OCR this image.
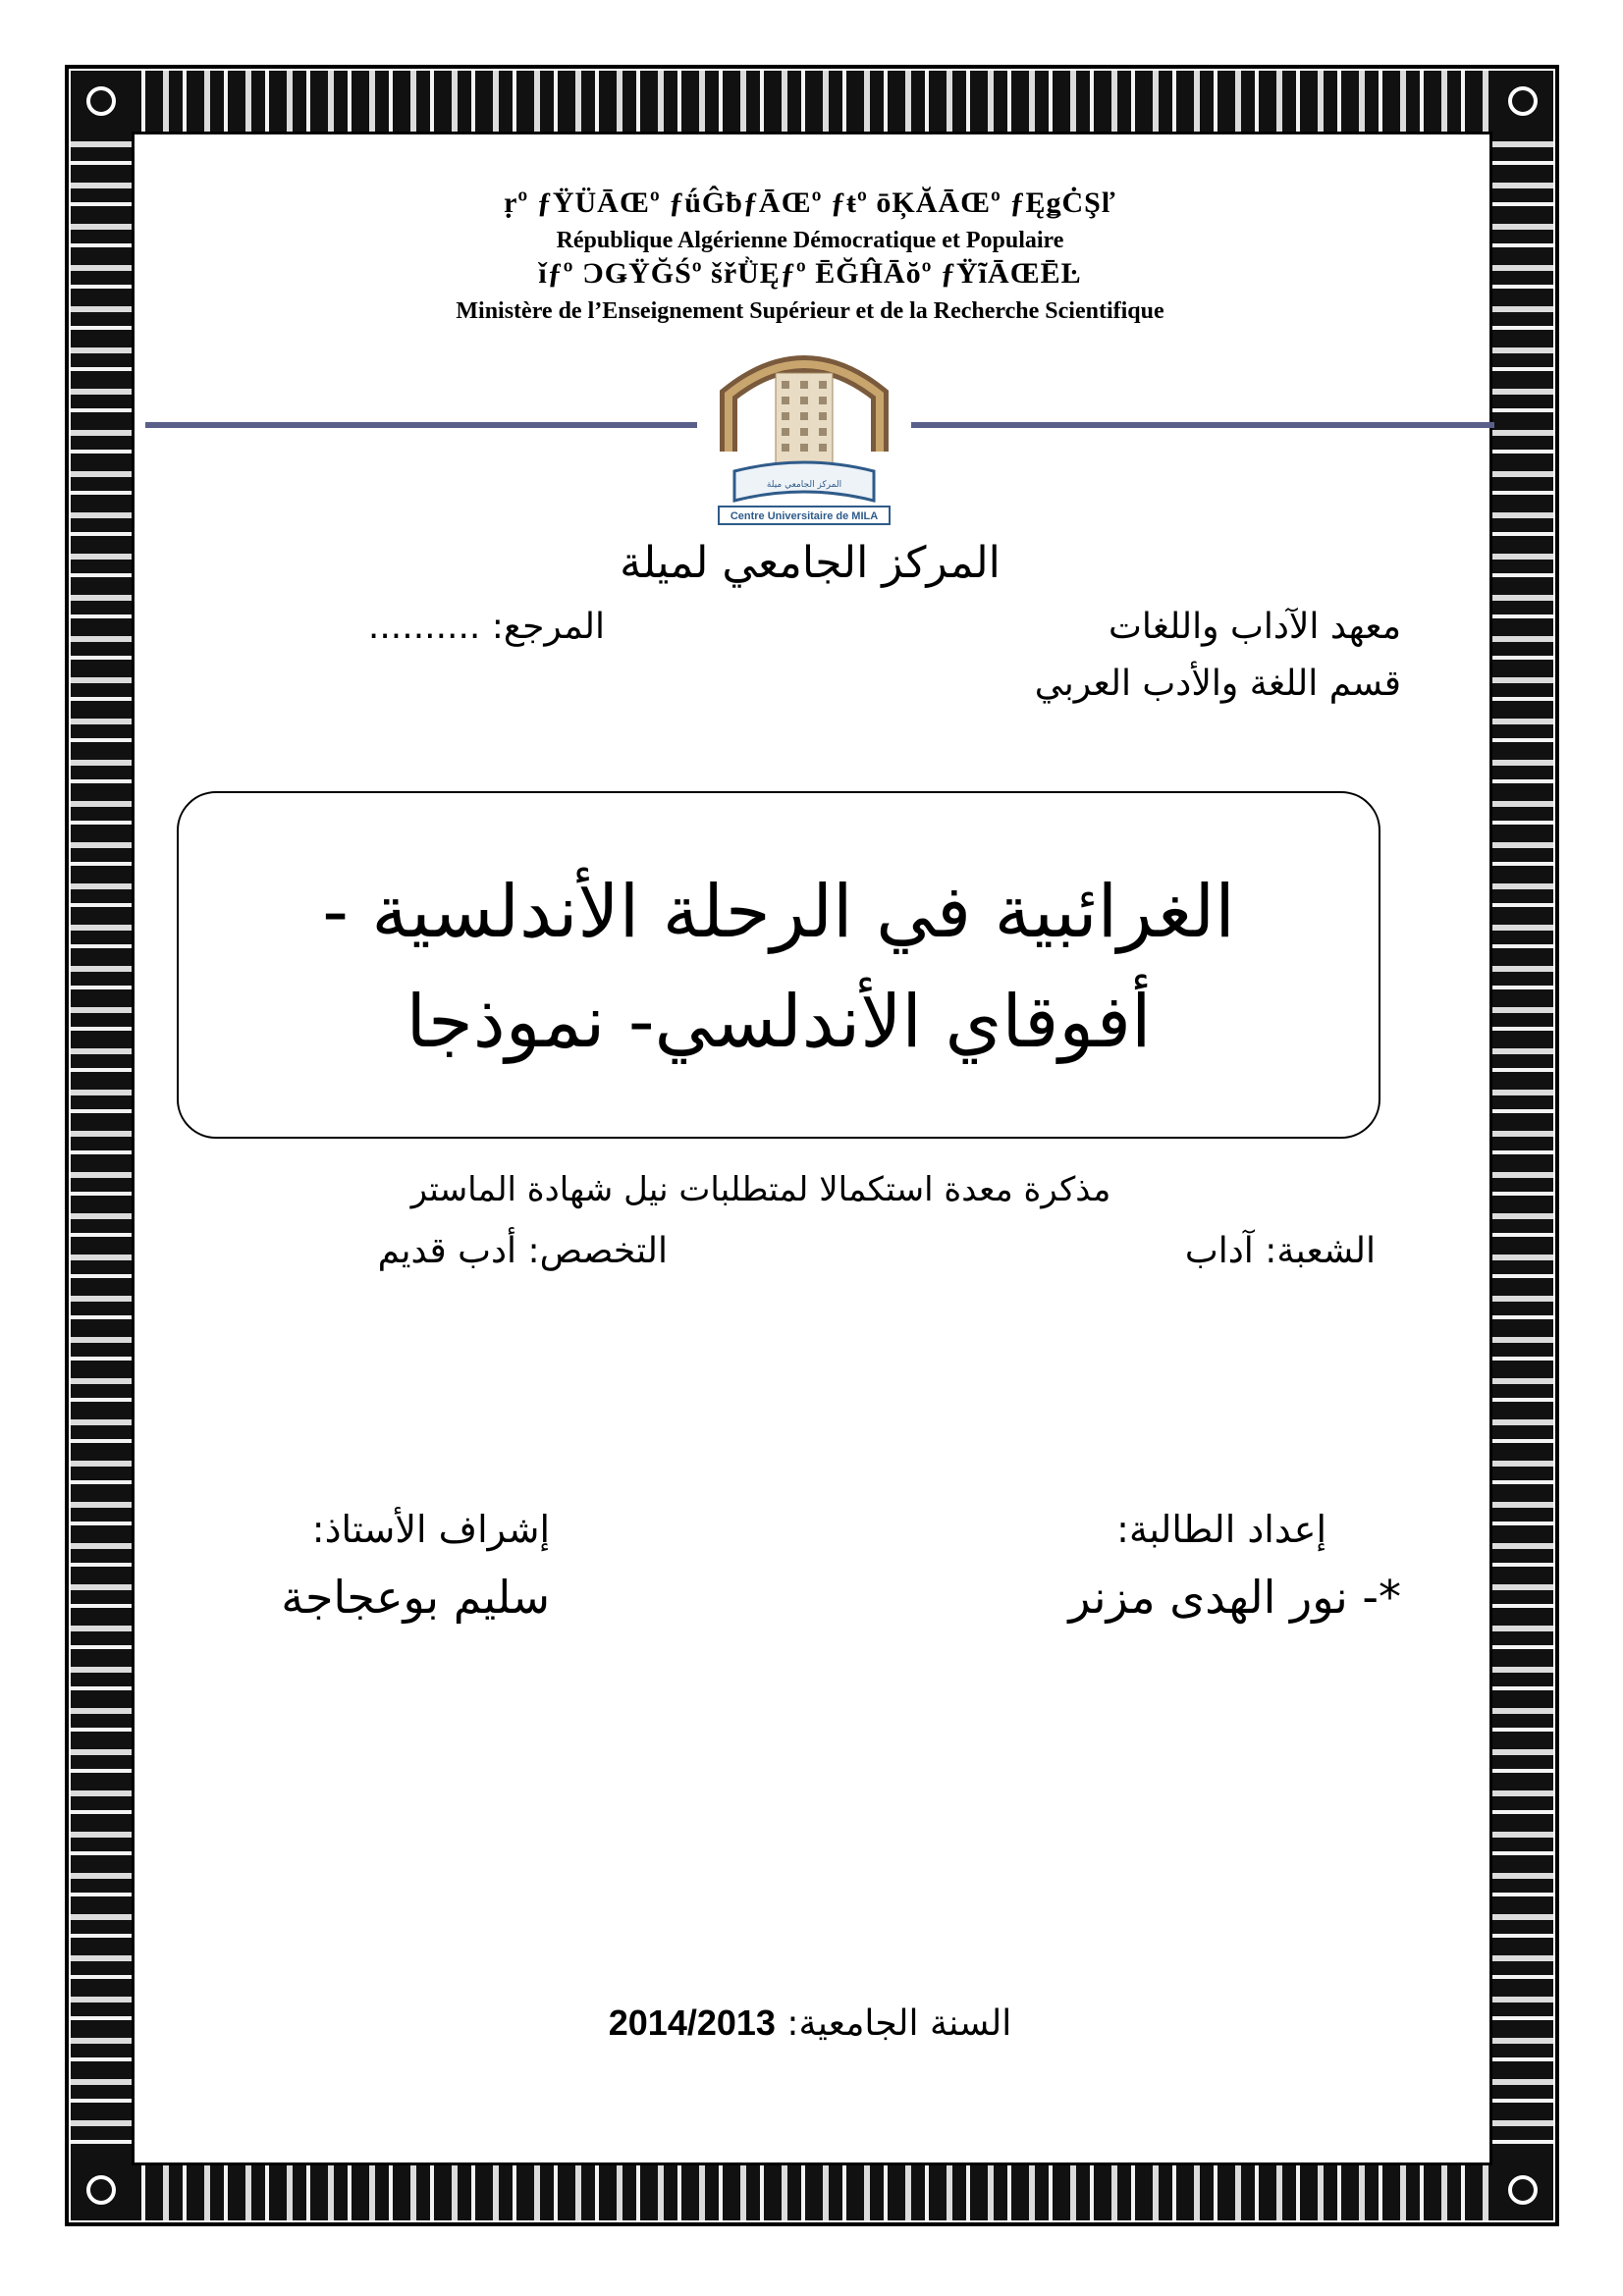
ṛº ƒŸÜĀŒº ƒǘĜƀƒĀŒº ƒŧº ōĶĂĀŒº ƒĘǥĊŞľ
République Algérienne Démocratique et Populaire
ǐƒº ƆǤŸĞŚº šřǛĘƒº ĒĞĤĀŏº ƒŸĩĀŒĒĿ
Ministère de l’Enseignement Supérieur et de la Recherche Scientifique
المركز الجامعي ميلة
Centre Universitaire de MILA
المركز الجامعي لميلة
معهد الآداب واللغات
المرجع: ..........
قسم اللغة والأدب العربي
الغرائبية في الرحلة الأندلسية -
أفوقاي الأندلسي- نموذجا
مذكرة معدة استكمالا لمتطلبات نيل شهادة الماستر
الشعبة: آداب
التخصص: أدب قديم
إعداد الطالبة:
*- نور الهدى مزنر
إشراف الأستاذ:
سليم بوعجاجة
السنة الجامعية: 2014/2013
